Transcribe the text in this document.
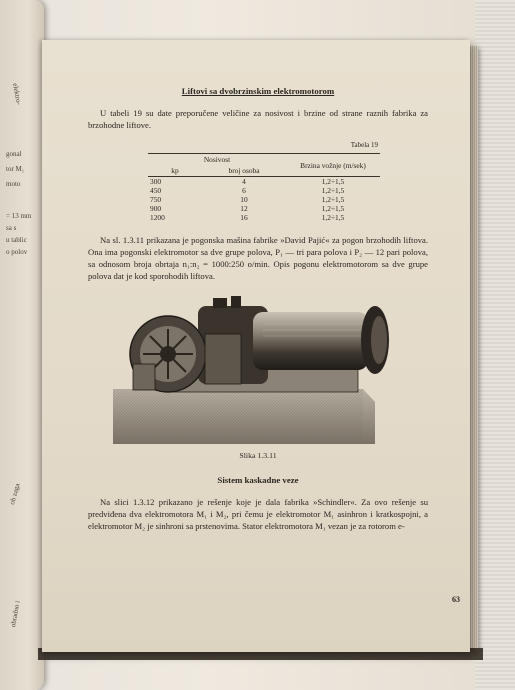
elektro-
gonal
tor M₁
moto
= 13 mm
sa s
u tablic
o polov
ob zaga
obradno i
Liftovi sa dvobrzinskim elektromotorom

U tabeli 19 su date preporučene veličine za nosivost i brzine od strane raznih fabrika za brzohodne liftove.

Tabela 19
Nosivost		Brzina vožnje (m/sek)
kp	broj osoba	
300	4	1,2÷1,5
450	6	1,2÷1,5
750	10	1,2÷1,5
900	12	1,2÷1,5
1200	16	1,2÷1,5

Na sl. 1.3.11 prikazana je pogonska mašina fabrike »David Pajić« za pogon brzohodih liftova. Ona ima pogonski elektromotor sa dve grupe polova, P₁ — tri para polova i P₂ — 12 pari polova, sa odnosom broja obrtaja n₁:n₂ = 1000:250 o/min. Opis pogonu elektromotorom sa dve grupe polova dat je kod sporohodih liftova.

Slika 1.3.11
Sistem kaskadne veze

Na slici 1.3.12 prikazano je rešenje koje je dala fabrika »Schindler«. Za ovo rešenje su predviđena dva elektromotora M₁ i M₂, pri čemu je elektromotor M₁ asinhron i kratkospojni, a elektromotor M₂ je sinhroni sa prstenovima. Stator elektromotora M₁ vezan je za rotorom e-

63
